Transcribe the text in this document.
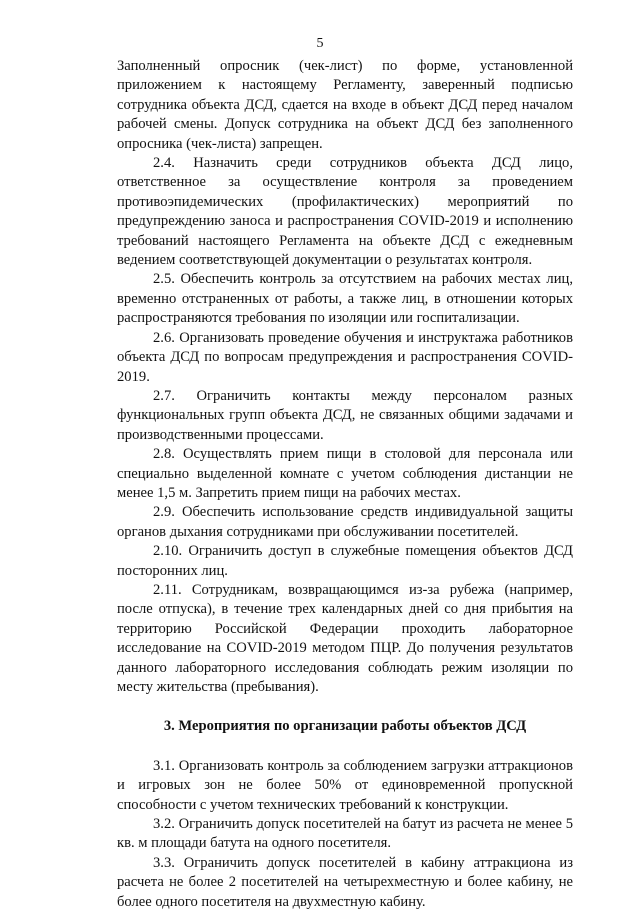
5

Заполненный опросник (чек-лист) по форме, установленной приложением к настоящему Регламенту, заверенный подписью сотрудника объекта ДСД, сдается на входе в объект ДСД перед началом рабочей смены. Допуск сотрудника на объект ДСД без заполненного опросника (чек-листа) запрещен.

2.4. Назначить среди сотрудников объекта ДСД лицо, ответственное за осуществление контроля за проведением противоэпидемических (профилактических) мероприятий по предупреждению заноса и распространения COVID-2019 и исполнению требований настоящего Регламента на объекте ДСД с ежедневным ведением соответствующей документации о результатах контроля.

2.5. Обеспечить контроль за отсутствием на рабочих местах лиц, временно отстраненных от работы, а также лиц, в отношении которых распространяются требования по изоляции или госпитализации.

2.6. Организовать проведение обучения и инструктажа работников объекта ДСД по вопросам предупреждения и распространения COVID-2019.

2.7. Ограничить контакты между персоналом разных функциональных групп объекта ДСД, не связанных общими задачами и производственными процессами.

2.8. Осуществлять прием пищи в столовой для персонала или специально выделенной комнате с учетом соблюдения дистанции не менее 1,5 м. Запретить прием пищи на рабочих местах.

2.9. Обеспечить использование средств индивидуальной защиты органов дыхания сотрудниками при обслуживании посетителей.

2.10. Ограничить доступ в служебные помещения объектов ДСД посторонних лиц.

2.11. Сотрудникам, возвращающимся из-за рубежа (например, после отпуска), в течение трех календарных дней со дня прибытия на территорию Российской Федерации проходить лабораторное исследование на COVID-2019 методом ПЦР. До получения результатов данного лабораторного исследования соблюдать режим изоляции по месту жительства (пребывания).

3. Мероприятия по организации работы объектов ДСД

3.1. Организовать контроль за соблюдением загрузки аттракционов и игровых зон не более 50% от единовременной пропускной способности с учетом технических требований к конструкции.

3.2. Ограничить допуск посетителей на батут из расчета не менее 5 кв. м площади батута на одного посетителя.

3.3. Ограничить допуск посетителей в кабину аттракциона из расчета не более 2 посетителей на четырехместную и более кабину, не более одного посетителя на двухместную кабину.
